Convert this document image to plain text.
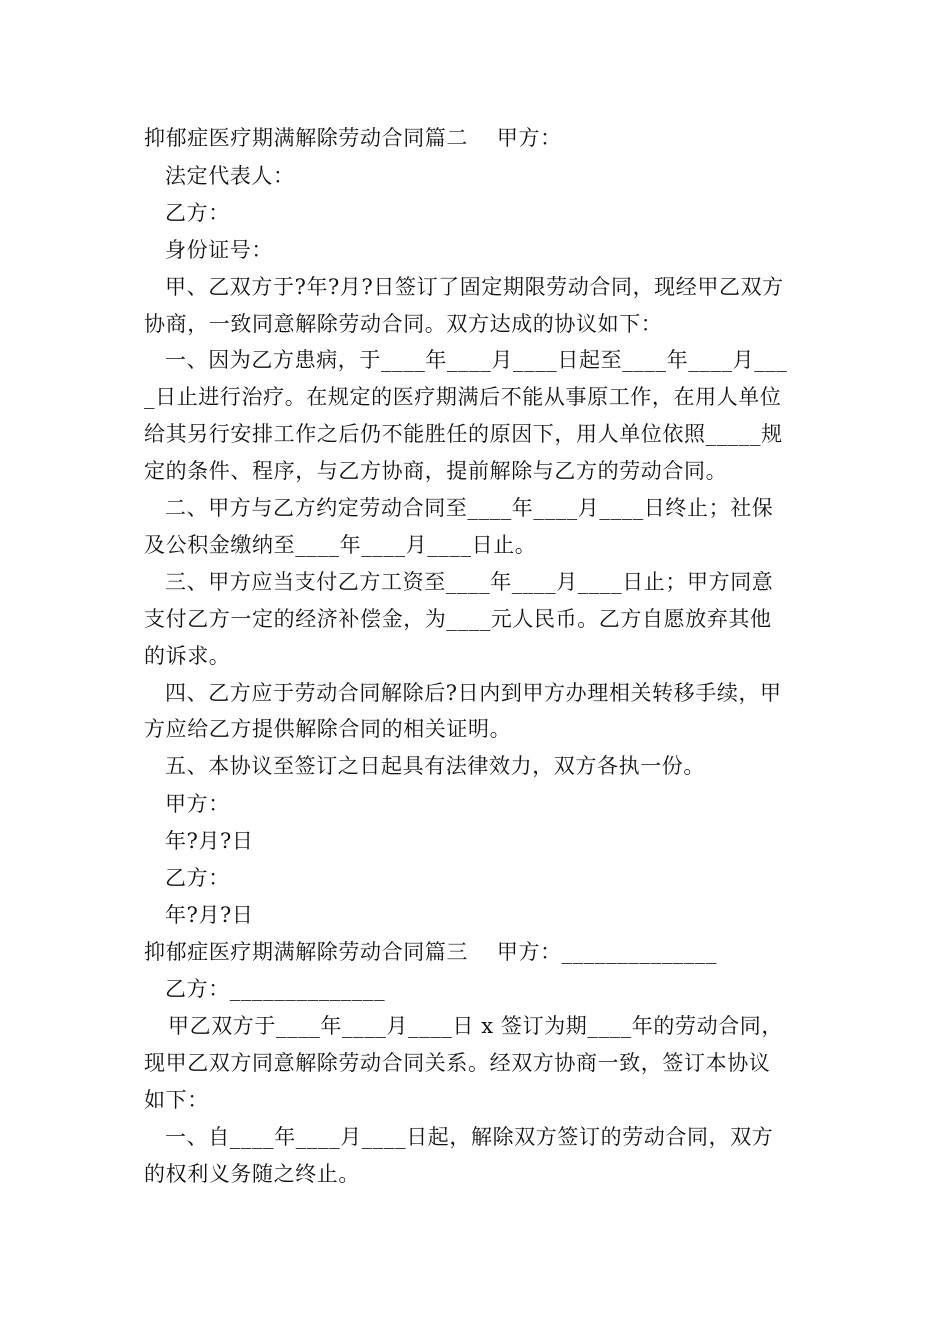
抑郁症医疗期满解除劳动合同篇二　 甲方：
法定代表人：
乙方：
身份证号：
甲、乙双方于?年?月?日签订了固定期限劳动合同，现经甲乙双方
协商，一致同意解除劳动合同。双方达成的协议如下：
一、因为乙方患病，于____年____月____日起至____年____月___
_日止进行治疗。在规定的医疗期满后不能从事原工作，在用人单位
给其另行安排工作之后仍不能胜任的原因下，用人单位依照_____规
定的条件、程序，与乙方协商，提前解除与乙方的劳动合同。
二、甲方与乙方约定劳动合同至____年____月____日终止；社保
及公积金缴纳至____年____月____日止。
三、甲方应当支付乙方工资至____年____月____日止；甲方同意
支付乙方一定的经济补偿金，为____元人民币。乙方自愿放弃其他
的诉求。
四、乙方应于劳动合同解除后?日内到甲方办理相关转移手续，甲
方应给乙方提供解除合同的相关证明。
五、本协议至签订之日起具有法律效力，双方各执一份。
甲方：
年?月?日
乙方：
年?月?日
抑郁症医疗期满解除劳动合同篇三　 甲方：______________
乙方：______________
甲乙双方于____年____月____日 x 签订为期____年的劳动合同，
现甲乙双方同意解除劳动合同关系。经双方协商一致，签订本协议
如下：
一、自____年____月____日起，解除双方签订的劳动合同，双方
的权利义务随之终止。
